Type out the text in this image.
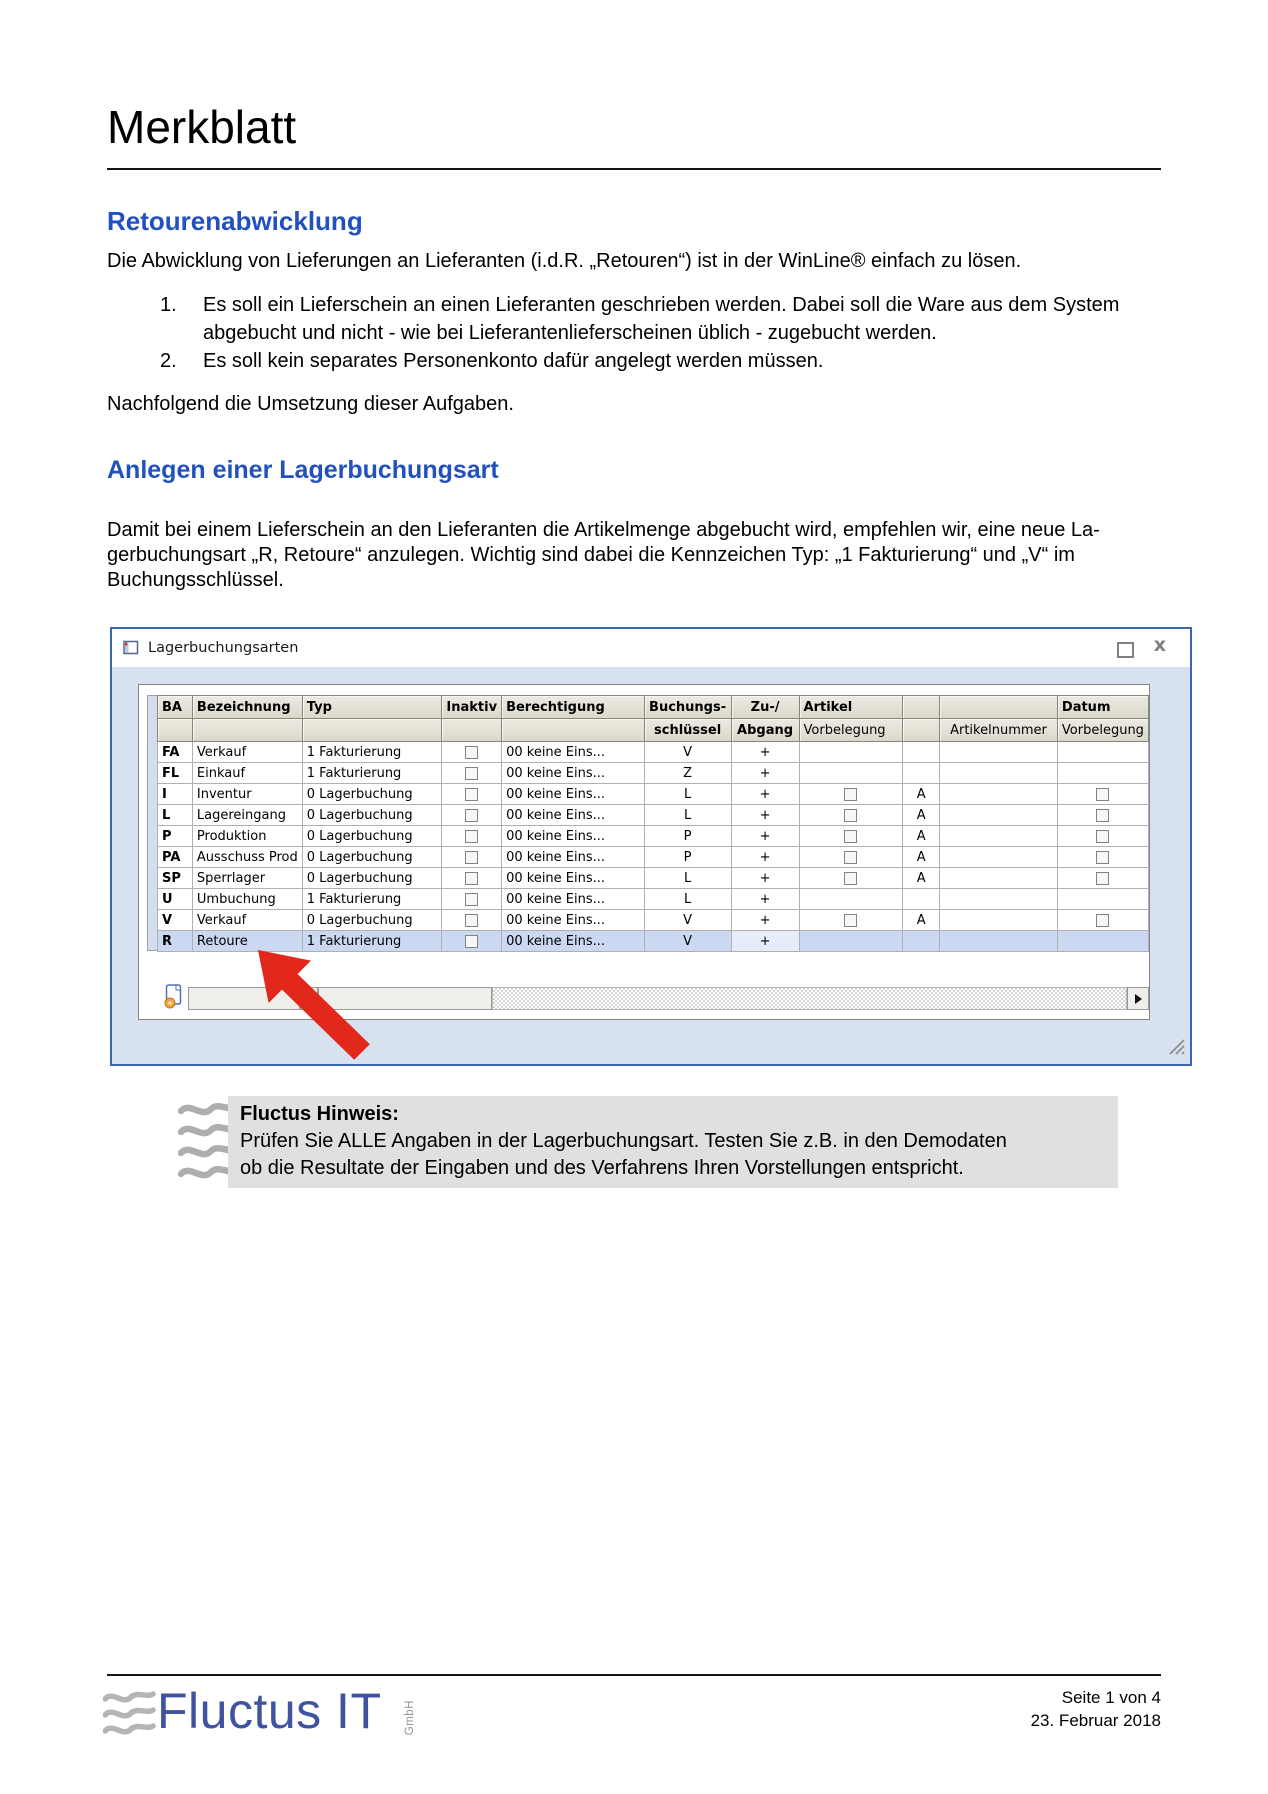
Merkblatt
Retourenabwicklung
Die Abwicklung von Lieferungen an Lieferanten (i.d.R. „Retouren“) ist in der WinLine® einfach zu lösen.
1.	Es soll ein Lieferschein an einen Lieferanten geschrieben werden. Dabei soll die Ware aus dem System abgebucht und nicht - wie bei Lieferantenlieferscheinen üblich - zugebucht werden.
2.	Es soll kein separates Personenkonto dafür angelegt werden müssen.
Nachfolgend die Umsetzung dieser Aufgaben.
Anlegen einer Lagerbuchungsart
Damit bei einem Lieferschein an den Lieferanten die Artikelmenge abgebucht wird, empfehlen wir, eine neue La-
gerbuchungsart „R, Retoure“ anzulegen. Wichtig sind dabei die Kennzeichen Typ: „1 Fakturierung“ und „V“ im
Buchungsschlüssel.
Lagerbuchungsarten	x
BA	Bezeichnung	Typ	Inaktiv	Berechtigung	Buchungs-	Zu-/	Artikel			Datum
					schlüssel	Abgang	Vorbelegung		Artikelnummer	Vorbelegung
FA	Verkauf	1 Fakturierung		00 keine Eins...	V	+				
FL	Einkauf	1 Fakturierung		00 keine Eins...	Z	+				
I	Inventur	0 Lagerbuchung		00 keine Eins...	L	+		A		
L	Lagereingang	0 Lagerbuchung		00 keine Eins...	L	+		A		
P	Produktion	0 Lagerbuchung		00 keine Eins...	P	+		A		
PA	Ausschuss Prod	0 Lagerbuchung		00 keine Eins...	P	+		A		
SP	Sperrlager	0 Lagerbuchung		00 keine Eins...	L	+		A		
U	Umbuchung	1 Fakturierung		00 keine Eins...	L	+				
V	Verkauf	0 Lagerbuchung		00 keine Eins...	V	+		A		
R	Retoure	1 Fakturierung		00 keine Eins...	V	+				
Fluctus Hinweis:
Prüfen Sie ALLE Angaben in der Lagerbuchungsart. Testen Sie z.B. in den Demodaten
ob die Resultate der Eingaben und des Verfahrens Ihren Vorstellungen entspricht.
Fluctus IT GmbH
Seite 1 von 4
23. Februar 2018
